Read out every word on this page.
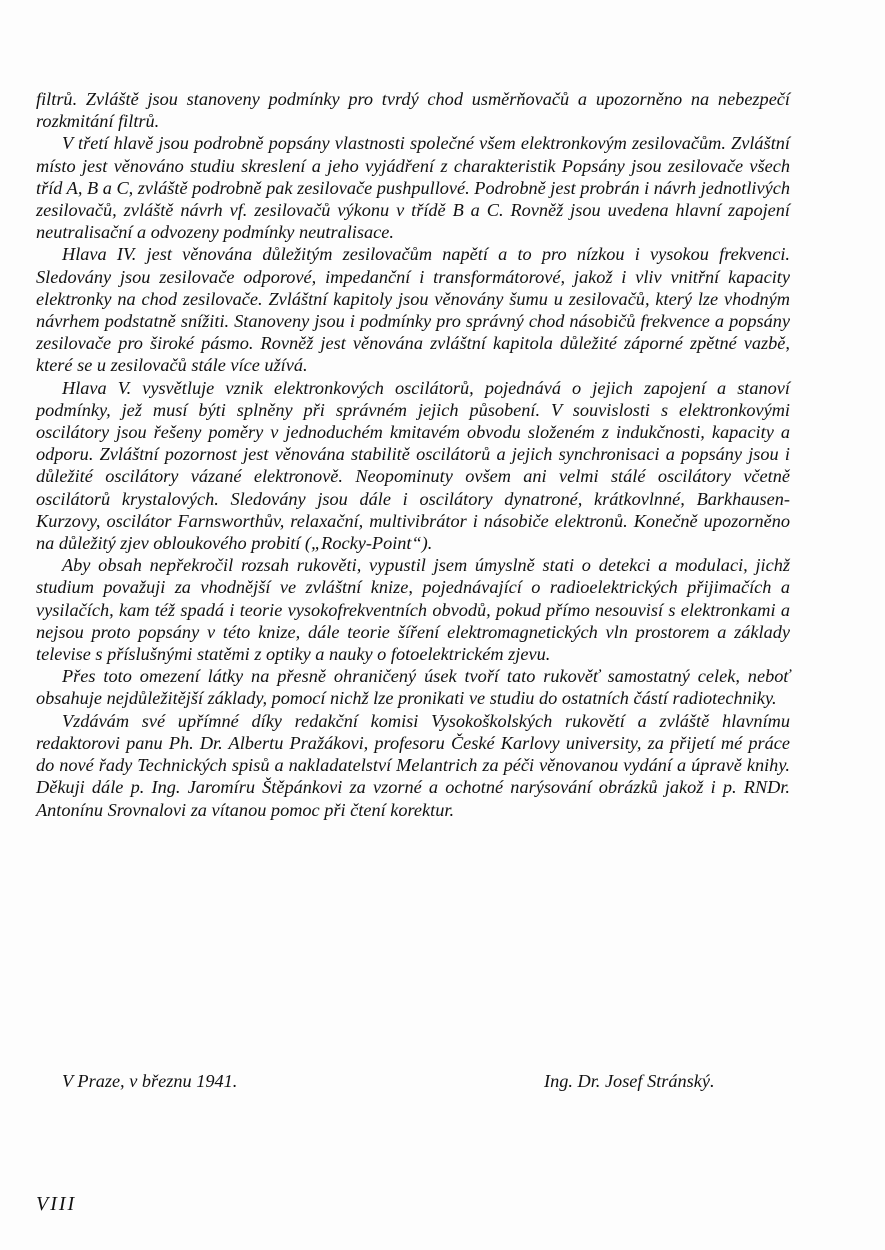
filtrů. Zvláště jsou stanoveny podmínky pro tvrdý chod usměrňovačů a upozorněno na nebezpečí rozkmitání filtrů.

V třetí hlavě jsou podrobně popsány vlastnosti společné všem elektronkovým zesilovačům. Zvláštní místo jest věnováno studiu skreslení a jeho vyjádření z charakteristik Popsány jsou zesilovače všech tříd A, B a C, zvláště podrobně pak zesilovače pushpullové. Podrobně jest probrán i návrh jednotlivých zesilovačů, zvláště návrh vf. zesilovačů výkonu v třídě B a C. Rovněž jsou uvedena hlavní zapojení neutralisační a odvozeny podmínky neutralisace.

Hlava IV. jest věnována důležitým zesilovačům napětí a to pro nízkou i vysokou frekvenci. Sledovány jsou zesilovače odporové, impedanční i transformátorové, jakož i vliv vnitřní kapacity elektronky na chod zesilovače. Zvláštní kapitoly jsou věnovány šumu u zesilovačů, který lze vhodným návrhem podstatně snížiti. Stanoveny jsou i podmínky pro správný chod násobičů frekvence a popsány zesilovače pro široké pásmo. Rovněž jest věnována zvláštní kapitola důležité záporné zpětné vazbě, které se u zesilovačů stále více užívá.

Hlava V. vysvětluje vznik elektronkových oscilátorů, pojednává o jejich zapojení a stanoví podmínky, jež musí býti splněny při správném jejich působení. V souvislosti s elektronkovými oscilátory jsou řešeny poměry v jednoduchém kmitavém obvodu složeném z indukčnosti, kapacity a odporu. Zvláštní pozornost jest věnována stabilitě oscilátorů a jejich synchronisaci a popsány jsou i důležité oscilátory vázané elektronově. Neopominuty ovšem ani velmi stálé oscilátory včetně oscilátorů krystalových. Sledovány jsou dále i oscilátory dynatroné, krátkovlnné, Barkhausen-Kurzovy, oscilátor Farnsworthův, relaxační, multivibrátor i násobiče elektronů. Konečně upozorněno na důležitý zjev obloukového probití („Rocky-Point“).

Aby obsah nepřekročil rozsah rukověti, vypustil jsem úmyslně stati o detekci a modulaci, jichž studium považuji za vhodnější ve zvláštní knize, pojednávající o radioelektrických přijimačích a vysilačích, kam též spadá i teorie vysokofrekventních obvodů, pokud přímo nesouvisí s elektronkami a nejsou proto popsány v této knize, dále teorie šíření elektromagnetických vln prostorem a základy televise s příslušnými statěmi z optiky a nauky o fotoelektrickém zjevu.

Přes toto omezení látky na přesně ohraničený úsek tvoří tato rukověť samostatný celek, neboť obsahuje nejdůležitější základy, pomocí nichž lze pronikati ve studiu do ostatních částí radiotechniky.

Vzdávám své upřímné díky redakční komisi Vysokoškolských rukovětí a zvláště hlavnímu redaktorovi panu Ph. Dr. Albertu Pražákovi, profesoru České Karlovy university, za přijetí mé práce do nové řady Technických spisů a nakladatelství Melantrich za péči věnovanou vydání a úpravě knihy. Děkuji dále p. Ing. Jaromíru Štěpánkovi za vzorné a ochotné narýsování obrázků jakož i p. RNDr. Antonínu Srovnalovi za vítanou pomoc při čtení korektur.

V Praze, v březnu 1941.	Ing. Dr. Josef Stránský.
VIII
